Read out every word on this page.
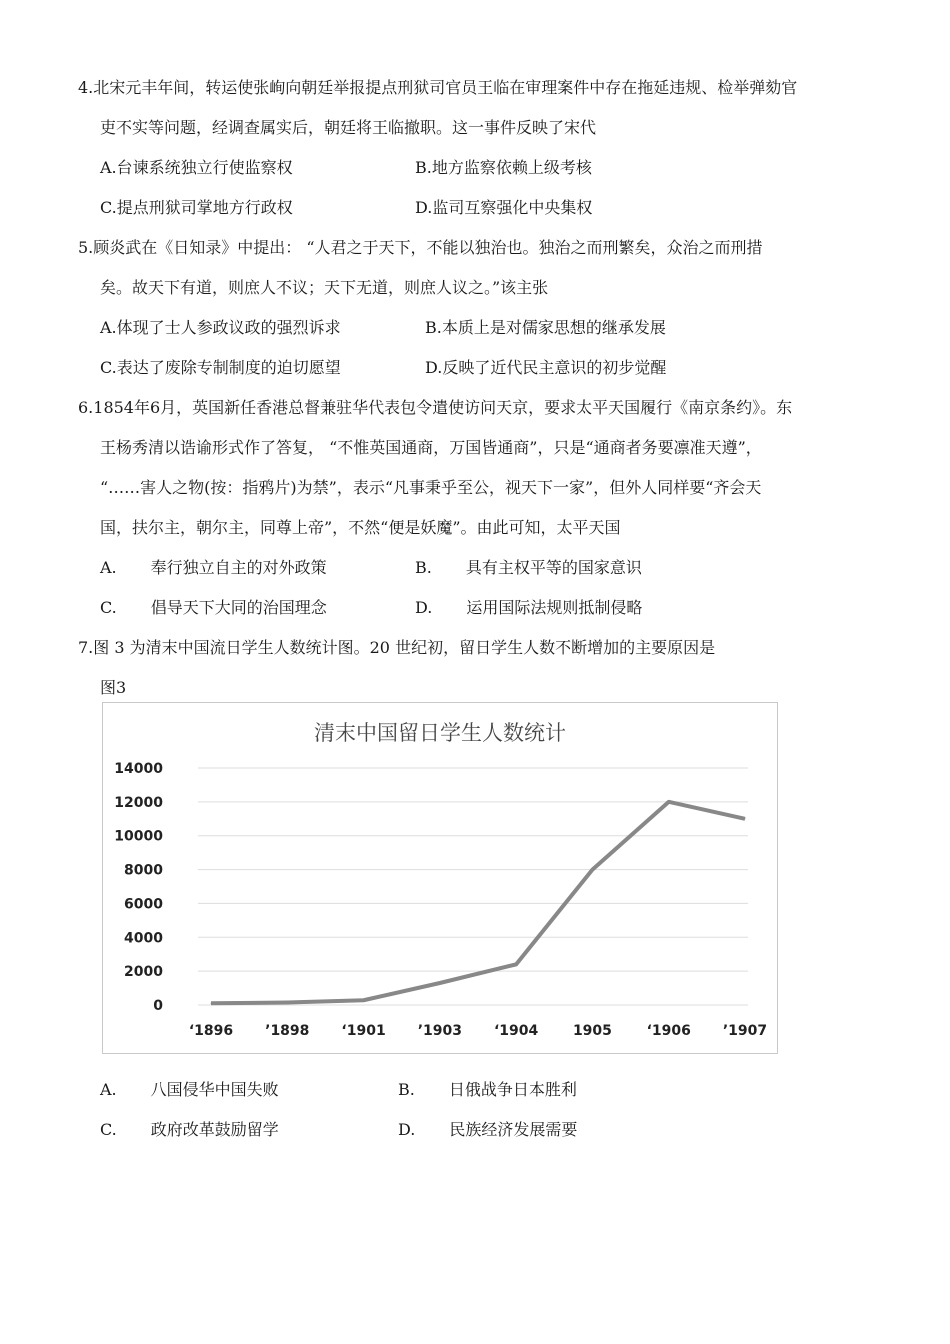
4.北宋元丰年间，转运使张峋向朝廷举报提点刑狱司官员王临在审理案件中存在拖延违规、检举弹劾官
吏不实等问题，经调查属实后，朝廷将王临撤职。这一事件反映了宋代
A.台谏系统独立行使监察权	B.地方监察依赖上级考核
C.提点刑狱司掌地方行政权	D.监司互察强化中央集权
5.顾炎武在《日知录》中提出： “人君之于天下，不能以独治也。独治之而刑繁矣，众治之而刑措
矣。故天下有道，则庶人不议；天下无道，则庶人议之。”该主张
A.体现了士人参政议政的强烈诉求	B.本质上是对儒家思想的继承发展
C.表达了废除专制制度的迫切愿望	D.反映了近代民主意识的初步觉醒
6.1854年6月，英国新任香港总督兼驻华代表包令遣使访问天京，要求太平天国履行《南京条约》。东
王杨秀清以诰谕形式作了答复， “不惟英国通商，万国皆通商”，只是“通商者务要凛准天遵”，
“……害人之物(按：指鸦片)为禁”，表示“凡事秉乎至公，视天下一家”，但外人同样要“齐会天
国，扶尔主，朝尔主，同尊上帝”，不然“便是妖魔”。由此可知，太平天国
A. 奉行独立自主的对外政策	B. 具有主权平等的国家意识
C. 倡导天下大同的治国理念	D. 运用国际法规则抵制侵略
7.图 3 为清末中国流日学生人数统计图。20 世纪初，留日学生人数不断增加的主要原因是
图3
清末中国留日学生人数统计
0
2000
4000
6000
8000
10000
12000
14000
‘1896 ’1898 ‘1901 ’1903 ‘1904 1905 ‘1906 ’1907
A. 八国侵华中国失败	B. 日俄战争日本胜利
C. 政府改革鼓励留学	D. 民族经济发展需要
